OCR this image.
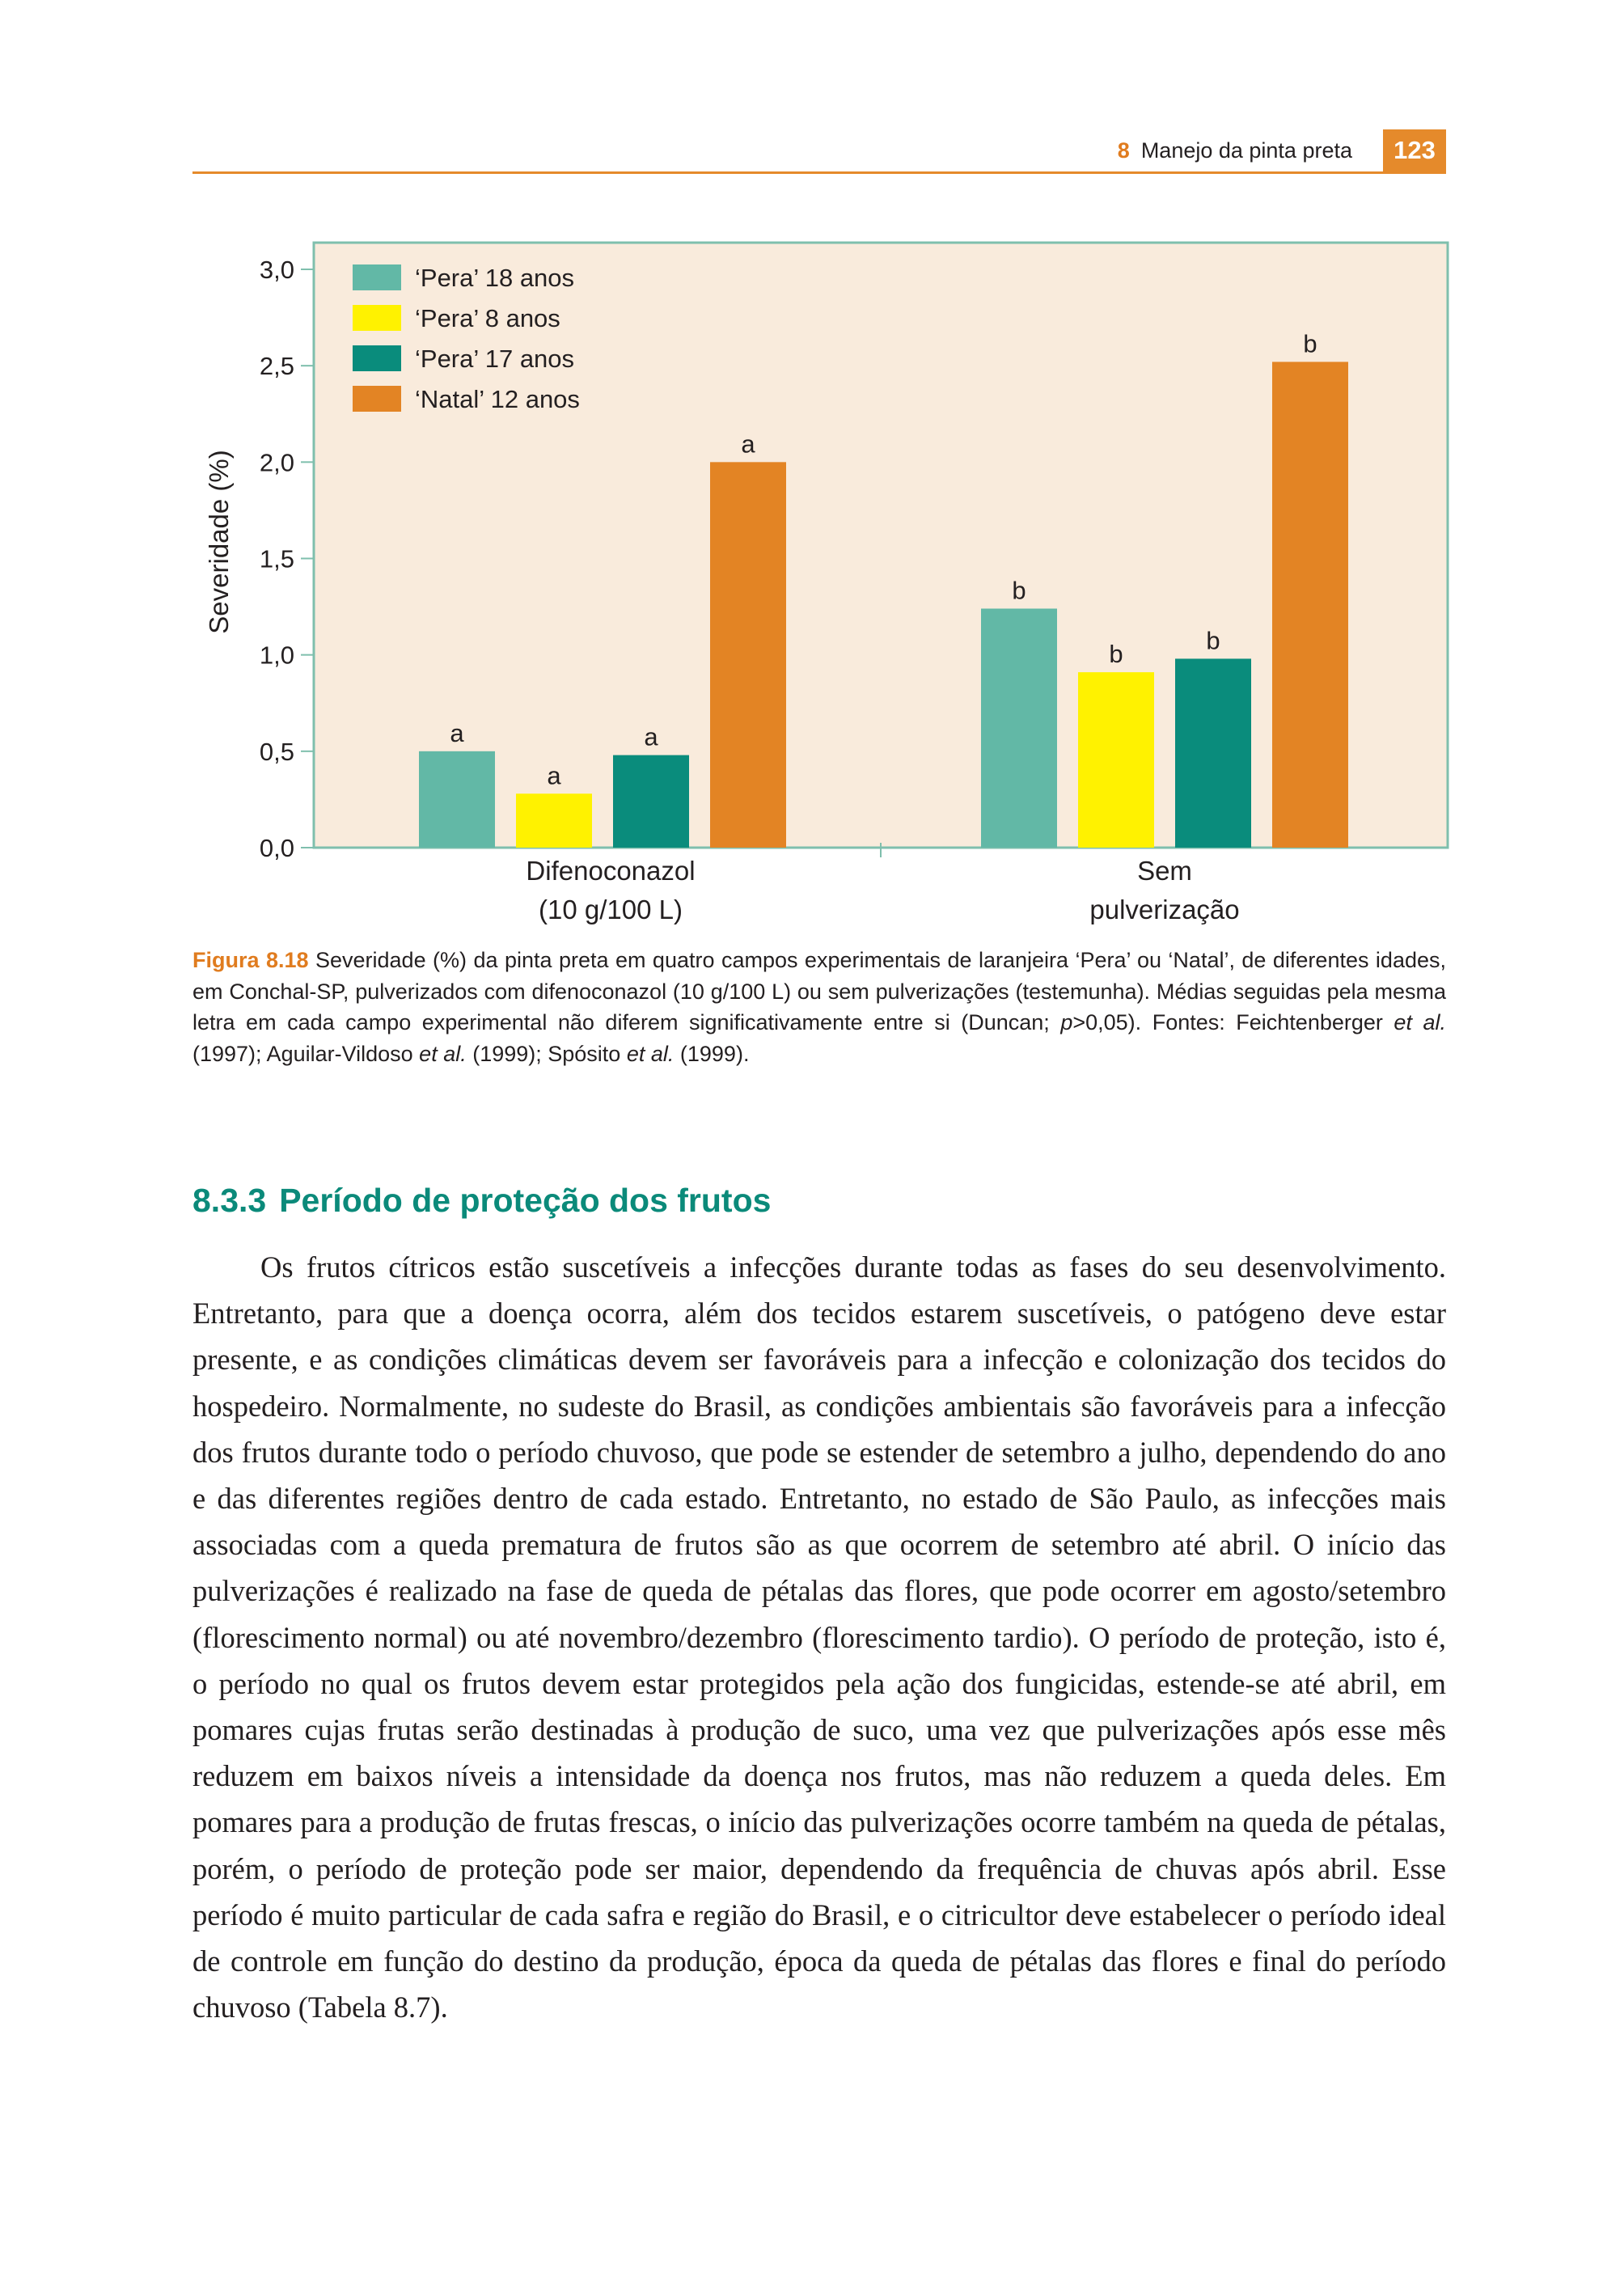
8 Manejo da pinta preta	123
0,0
0,5
1,0
1,5
2,0
2,5
3,0
Severidade (%)
a
b
a
b
a
b
a
b
Difenoconazol
(10 g/100 L)
Sem
pulverização
‘Pera’ 18 anos
‘Pera’ 8 anos
‘Pera’ 17 anos
‘Natal’ 12 anos
Figura 8.18 Severidade (%) da pinta preta em quatro campos experimentais de laranjeira ‘Pera’ ou ‘Natal’, de diferentes idades, em Conchal-SP, pulverizados com difenoconazol (10 g/100 L) ou sem pulverizações (testemunha). Médias seguidas pela mesma letra em cada campo experimental não diferem significativamente entre si (Duncan; p>0,05). Fontes: Feichtenberger et al. (1997); Aguilar-Vildoso et al. (1999); Spósito et al. (1999).
8.3.3 Período de proteção dos frutos

Os frutos cítricos estão suscetíveis a infecções durante todas as fases do seu desenvolvimento. Entretanto, para que a doença ocorra, além dos tecidos estarem suscetíveis, o patógeno deve estar presente, e as condições climáticas devem ser favoráveis para a infecção e colonização dos tecidos do hospedeiro. Normalmente, no sudeste do Brasil, as condições ambientais são favoráveis para a infecção dos frutos durante todo o período chuvoso, que pode se estender de setembro a julho, dependendo do ano e das diferentes regiões dentro de cada estado. Entretanto, no estado de São Paulo, as infecções mais associadas com a queda prematura de frutos são as que ocorrem de setembro até abril. O início das pulverizações é realizado na fase de queda de pétalas das flores, que pode ocorrer em agosto/setembro (florescimento normal) ou até novembro/dezembro (florescimento tardio). O período de proteção, isto é, o período no qual os frutos devem estar protegidos pela ação dos fungicidas, estende-se até abril, em pomares cujas frutas serão destinadas à produção de suco, uma vez que pulverizações após esse mês reduzem em baixos níveis a intensidade da doença nos frutos, mas não reduzem a queda deles. Em pomares para a produção de frutas frescas, o início das pulverizações ocorre também na queda de pétalas, porém, o período de proteção pode ser maior, dependendo da frequência de chuvas após abril. Esse período é muito particular de cada safra e região do Brasil, e o citricultor deve estabelecer o período ideal de controle em função do destino da produção, época da queda de pétalas das flores e final do período chuvoso (Tabela 8.7).
